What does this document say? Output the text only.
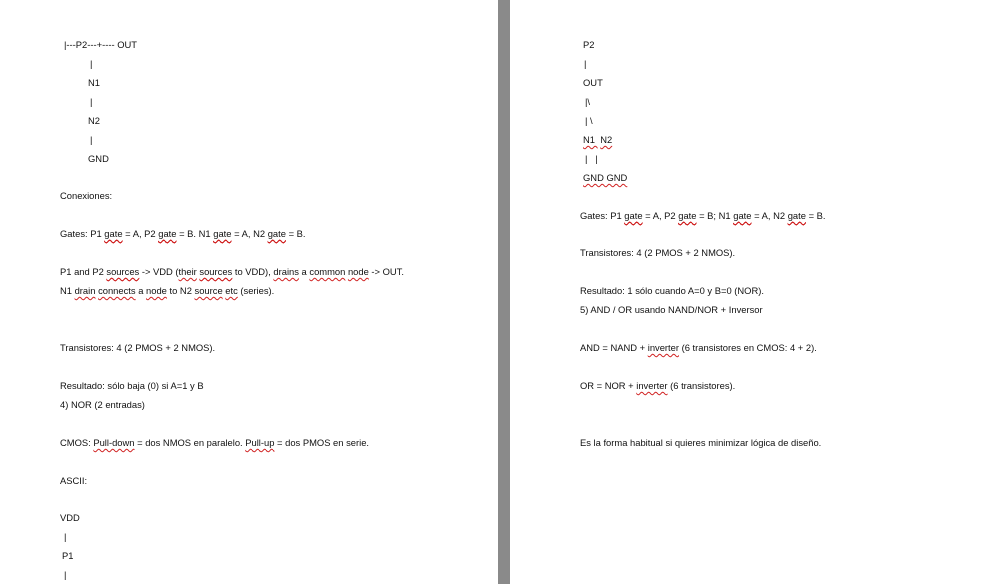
|---P2---+---- OUT
|
N1
|
N2
|
GND
Conexiones:
Gates: P1 gate = A, P2 gate = B. N1 gate = A, N2 gate = B.
P1 and P2 sources -> VDD (their sources to VDD), drains a common node -> OUT.
N1 drain connects a node to N2 source etc (series).
Transistores: 4 (2 PMOS + 2 NMOS).
Resultado: sólo baja (0) si A=1 y B
4) NOR (2 entradas)
CMOS: Pull-down = dos NMOS en paralelo. Pull-up = dos PMOS en serie.
ASCII:
VDD
|
P1
|
P2
|
OUT
|\
| \
N1  N2
|   |
GND GND
Gates: P1 gate = A, P2 gate = B; N1 gate = A, N2 gate = B.
Transistores: 4 (2 PMOS + 2 NMOS).
Resultado: 1 sólo cuando A=0 y B=0 (NOR).
5) AND / OR usando NAND/NOR + Inversor
AND = NAND + inverter (6 transistores en CMOS: 4 + 2).
OR = NOR + inverter (6 transistores).
Es la forma habitual si quieres minimizar lógica de diseño.
